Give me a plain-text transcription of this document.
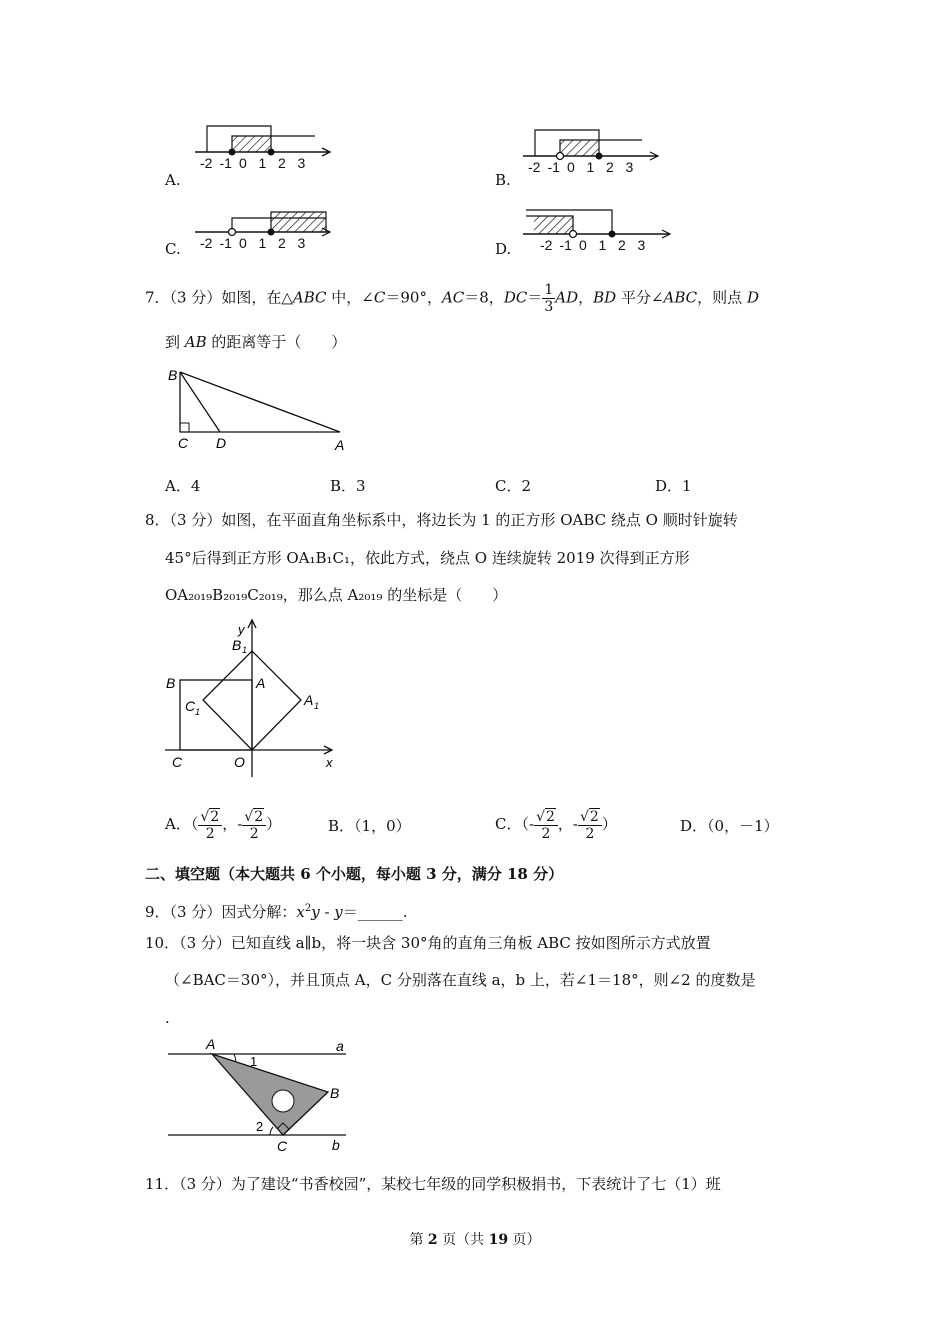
A.	B.
C.	D.
-2 -1 0 1 2 3	-2 -1 0 1 2 3
-2 -1 0 1 2 3	-2 -1 0 1 2 3
7．（3 分）如图，在△ABC 中，∠C＝90°，AC＝8，$DC= \frac{1}{3}$ AD，BD 平分∠ABC，则点 D
到 AB 的距离等于（　　）
B
C D	A
A．4	B．3	C．2	D．1
8．（3 分）如图，在平面直角坐标系中，将边长为 1 的正方形 OABC 绕点 O 顺时针旋转
45°后得到正方形 OA₁B₁C₁，依此方式，绕点 O 连续旋转 2019 次得到正方形
OA₂₀₁₉B₂₀₁₉C₂₀₁₉，那么点 A₂₀₁₉ 的坐标是（　　）
y
B 1
B	A
C 1
A 1
C	O	x
A．（ $\frac{√2}{2}$ ，- $\frac{√2}{2}$ ）	B．（1，0）	C．（- $\frac{√2}{2}$ ，- $\frac{√2}{2}$ ）	D．（0，－1）
二、填空题（本大题共 6 个小题，每小题 3 分，满分 18 分）
9．（3 分）因式分解：$x^2y$ - y＝______.
10．（3 分）已知直线 a∥b，将一块含 30°角的直角三角板 ABC 按如图所示方式放置
（∠BAC＝30°），并且顶点 A，C 分别落在直线 a，b 上，若∠1＝18°，则∠2 的度数是
.
A	a
1
B
2
C	b
11．（3 分）为了建设“书香校园”，某校七年级的同学积极捐书，下表统计了七（1）班
第 2 页（共 19 页）
